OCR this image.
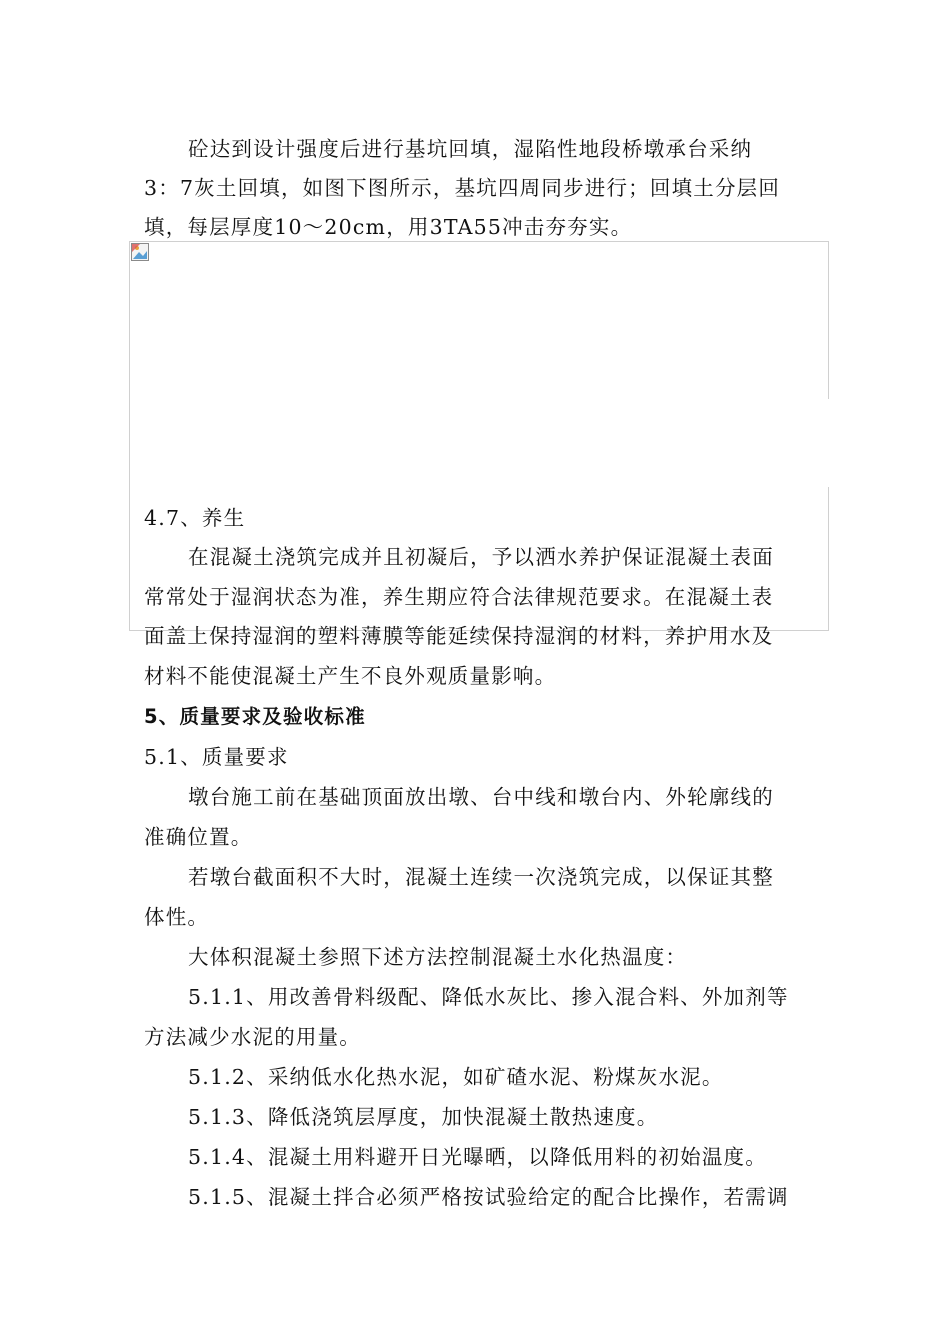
砼达到设计强度后进行基坑回填，湿陷性地段桥墩承台采纳
3：7灰土回填，如图下图所示，基坑四周同步进行；回填土分层回
填，每层厚度10～20cm，用3TA55冲击夯夯实。
4.7、养生
在混凝土浇筑完成并且初凝后，予以洒水养护保证混凝土表面
常常处于湿润状态为准，养生期应符合法律规范要求。在混凝土表
面盖上保持湿润的塑料薄膜等能延续保持湿润的材料，养护用水及
材料不能使混凝土产生不良外观质量影响。
5、质量要求及验收标准
5.1、质量要求
墩台施工前在基础顶面放出墩、台中线和墩台内、外轮廓线的
准确位置。
若墩台截面积不大时，混凝土连续一次浇筑完成，以保证其整
体性。
大体积混凝土参照下述方法控制混凝土水化热温度：
5.1.1、用改善骨料级配、降低水灰比、掺入混合料、外加剂等
方法减少水泥的用量。
5.1.2、采纳低水化热水泥，如矿碴水泥、粉煤灰水泥。
5.1.3、降低浇筑层厚度，加快混凝土散热速度。
5.1.4、混凝土用料避开日光曝晒，以降低用料的初始温度。
5.1.5、混凝土拌合必须严格按试验给定的配合比操作，若需调
